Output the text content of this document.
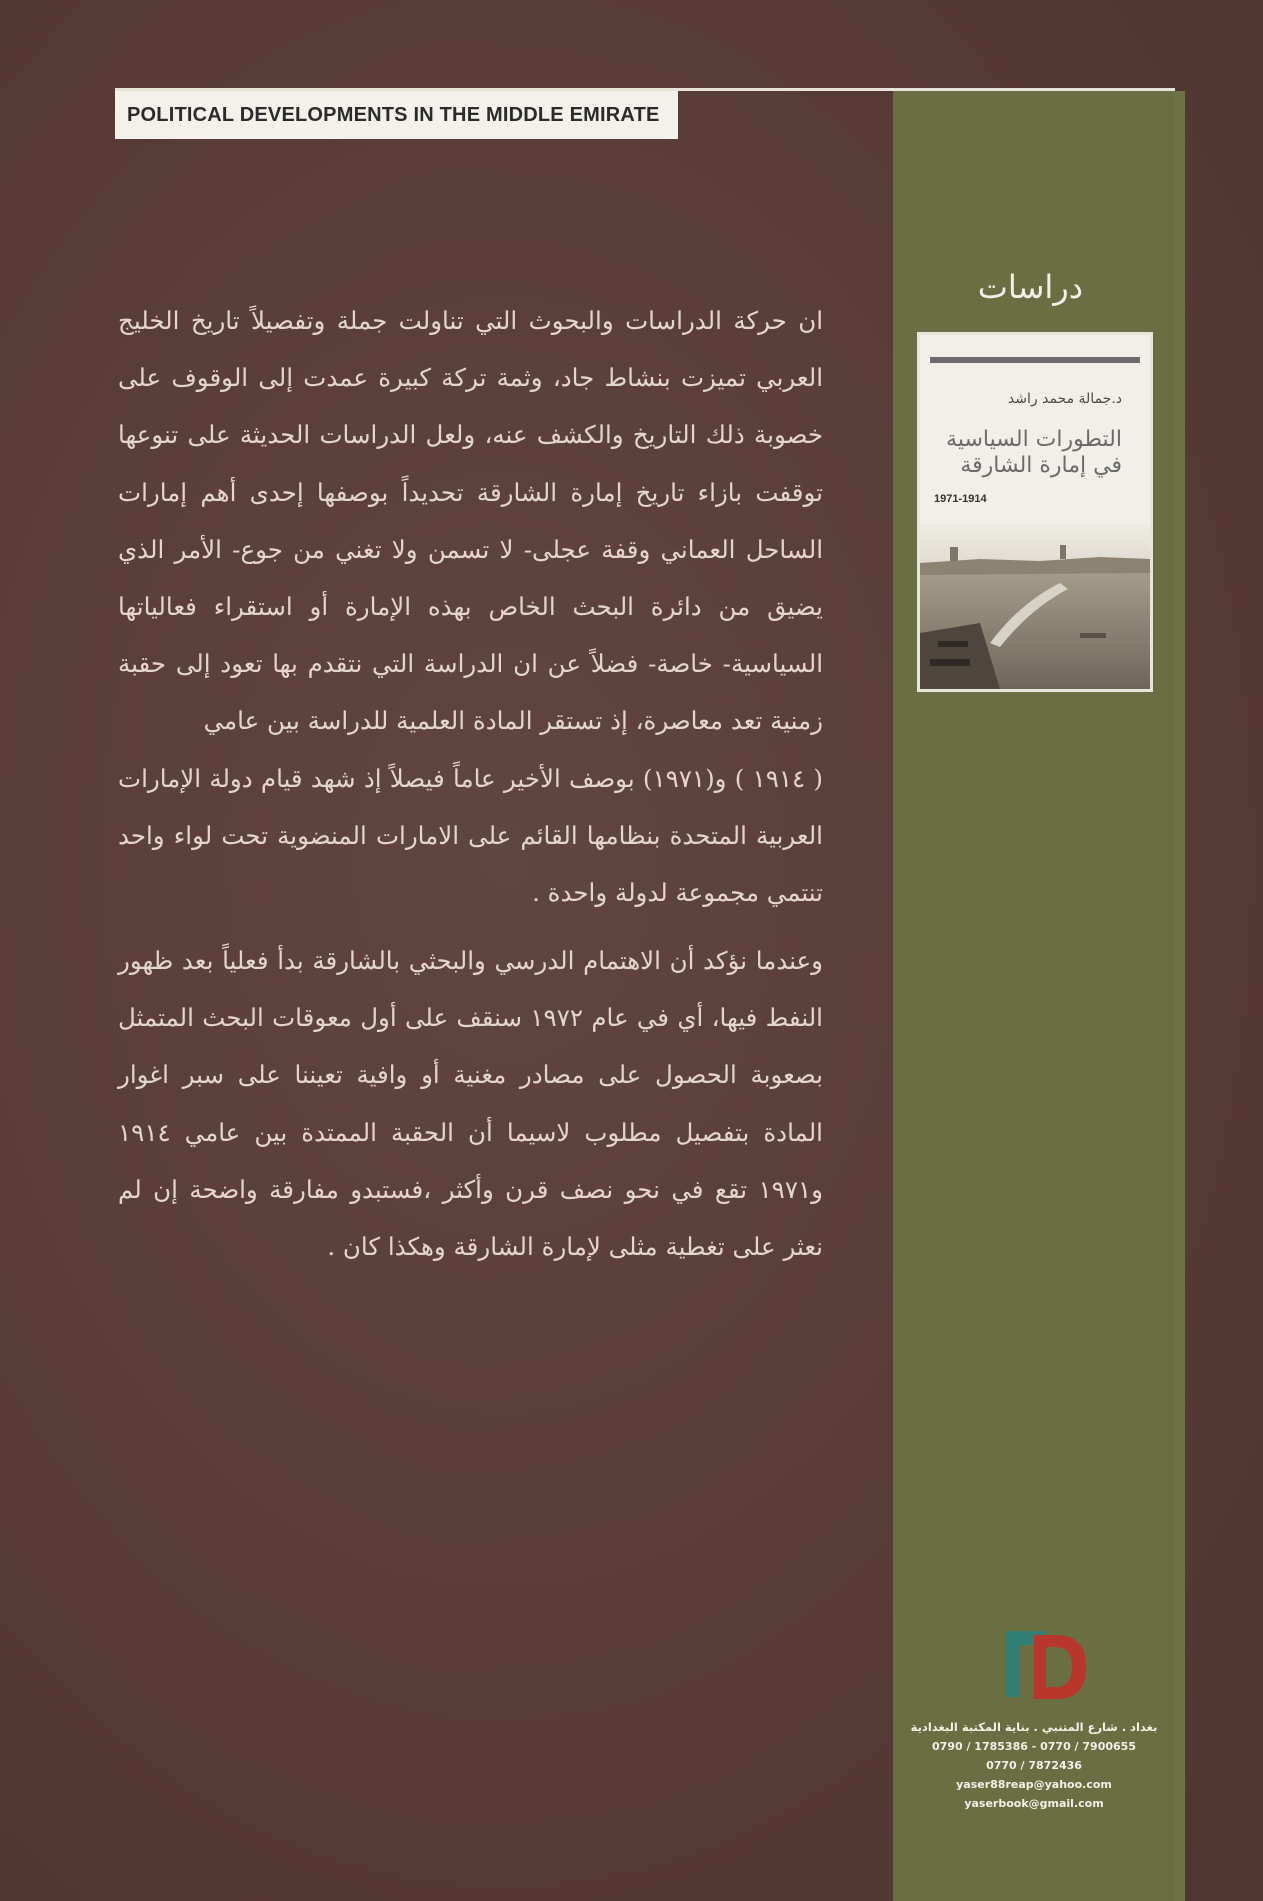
POLITICAL DEVELOPMENTS IN THE MIDDLE EMIRATE
دراسات
د.جمالة محمد راشد
التطورات السياسية
في إمارة الشارقة
1971-1914
ان حركة الدراسات والبحوث التي تناولت جملة وتفصيلاً تاريخ الخليج العربي تميزت بنشاط جاد، وثمة تركة كبيرة عمدت إلى الوقوف على خصوبة ذلك التاريخ والكشف عنه، ولعل الدراسات الحديثة على تنوعها توقفت بازاء تاريخ إمارة الشارقة تحديداً بوصفها إحدى أهم إمارات الساحل العماني وقفة عجلى- لا تسمن ولا تغني من جوع- الأمر الذي يضيق من دائرة البحث الخاص بهذه الإمارة أو استقراء فعالياتها السياسية- خاصة- فضلاً عن ان الدراسة التي نتقدم بها تعود إلى حقبة زمنية تعد معاصرة، إذ تستقر المادة العلمية للدراسة بين عامي
( ١٩١٤ ) و(١٩٧١) بوصف الأخير عاماً فيصلاً إذ شهد قيام دولة الإمارات العربية المتحدة بنظامها القائم على الامارات المنضوية تحت لواء واحد تنتمي مجموعة لدولة واحدة .
وعندما نؤكد أن الاهتمام الدرسي والبحثي بالشارقة بدأ فعلياً بعد ظهور النفط فيها، أي في عام ١٩٧٢ سنقف على أول معوقات البحث المتمثل بصعوبة الحصول على مصادر مغنية أو وافية تعيننا على سبر اغوار المادة بتفصيل مطلوب لاسيما أن الحقبة الممتدة بين عامي ١٩١٤ و١٩٧١ تقع في نحو نصف قرن وأكثر ،فستبدو مفارقة واضحة إن لم نعثر على تغطية مثلى لإمارة الشارقة وهكذا كان .
بغداد . شارع المتنبي . بناية المكتبة البغدادية
0790 / 1785386 - 0770 / 7900655
0770 / 7872436
yaser88reap@yahoo.com
yaserbook@gmail.com
